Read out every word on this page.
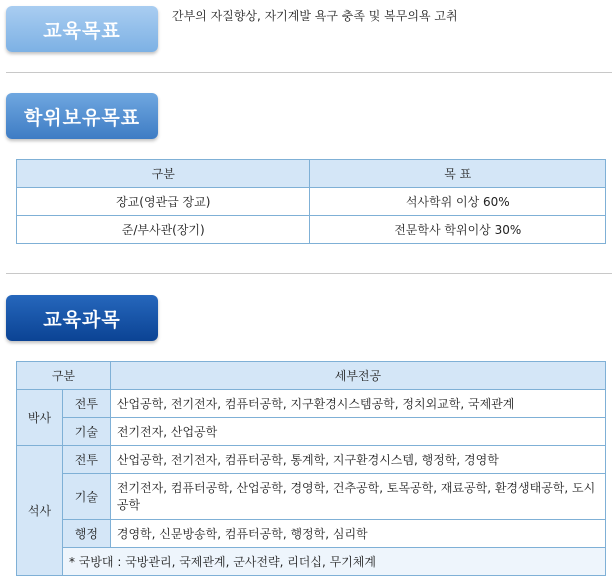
교육목표
간부의 자질향상, 자기계발 욕구 충족 및 복무의욕 고취
학위보유목표
구분	목 표
장교(영관급 장교)	석사학위 이상 60%
준/부사관(장기)	전문학사 학위이상 30%
교육과목
구분		세부전공
박사	전투	산업공학, 전기전자, 컴퓨터공학, 지구환경시스템공학, 정치외교학, 국제관계
	기술	전기전자, 산업공학
석사	전투	산업공학, 전기전자, 컴퓨터공학, 통계학, 지구환경시스템, 행정학, 경영학
	기술	전기전자, 컴퓨터공학, 산업공학, 경영학, 건추공학, 토목공학, 재료공학, 환경생태공학, 도시공학
	행정	경영학, 신문방송학, 컴퓨터공학, 행정학, 심리학
	* 국방대 : 국방관리, 국제관계, 군사전략, 리더십, 무기체계	
